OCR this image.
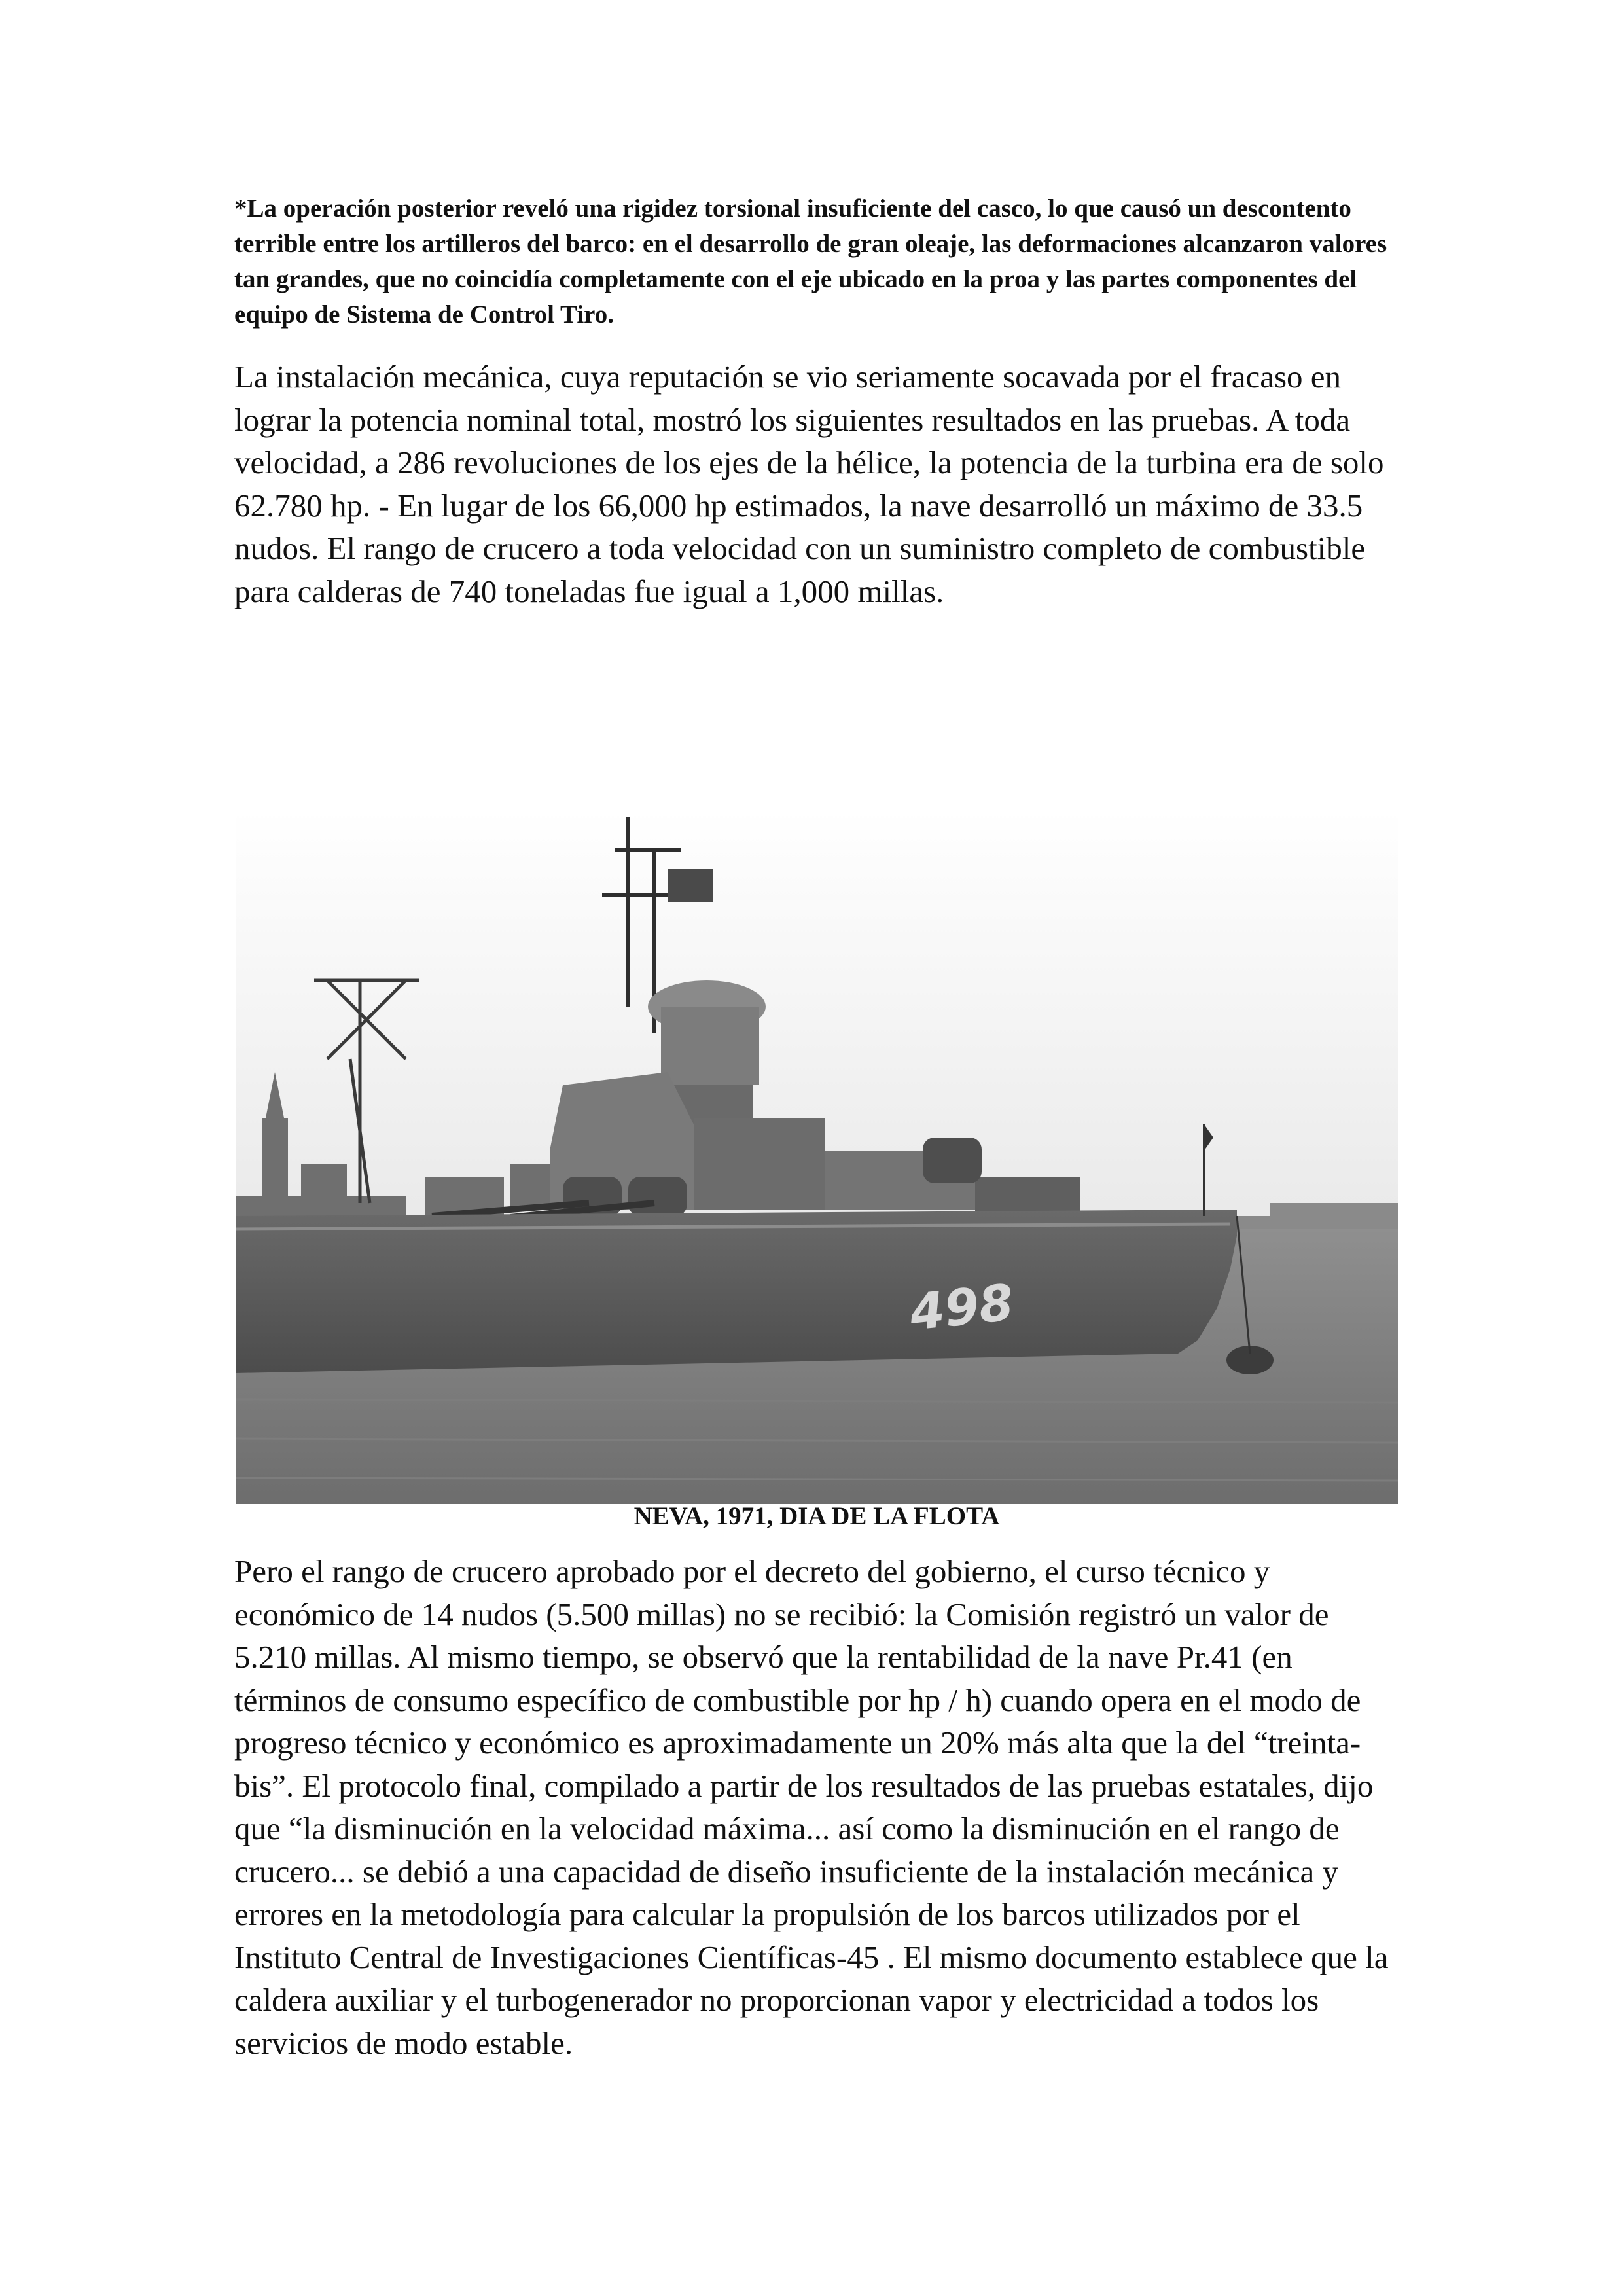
*La operación posterior reveló una rigidez torsional insuficiente del casco, lo que causó un descontento terrible entre los artilleros del barco: en el desarrollo de gran oleaje, las deformaciones alcanzaron valores tan grandes, que no coincidía completamente con el eje ubicado en la proa y las partes componentes del equipo de Sistema de Control Tiro.

La instalación mecánica, cuya reputación se vio seriamente socavada por el fracaso en lograr la potencia nominal total, mostró los siguientes resultados en las pruebas. A toda velocidad, a 286 revoluciones de los ejes de la hélice, la potencia de la turbina era de solo 62.780 hp. - En lugar de los 66,000 hp estimados, la nave desarrolló un máximo de 33.5 nudos. El rango de crucero a toda velocidad con un suministro completo de combustible para calderas de 740 toneladas fue igual a 1,000 millas.

498

NEVA, 1971, DIA DE LA FLOTA

Pero el rango de crucero aprobado por el decreto del gobierno, el curso técnico y económico de 14 nudos (5.500 millas) no se recibió: la Comisión registró un valor de 5.210 millas. Al mismo tiempo, se observó que la rentabilidad de la nave Pr.41 (en términos de consumo específico de combustible por hp / h) cuando opera en el modo de progreso técnico y económico es aproximadamente un 20% más alta que la del “treinta-bis”. El protocolo final, compilado a partir de los resultados de las pruebas estatales, dijo que “la disminución en la velocidad máxima... así como la disminución en el rango de crucero... se debió a una capacidad de diseño insuficiente de la instalación mecánica y errores en la metodología para calcular la propulsión de los barcos utilizados por el Instituto Central de Investigaciones Científicas-45 . El mismo documento establece que la caldera auxiliar y el turbogenerador no proporcionan vapor y electricidad a todos los servicios de modo estable.
